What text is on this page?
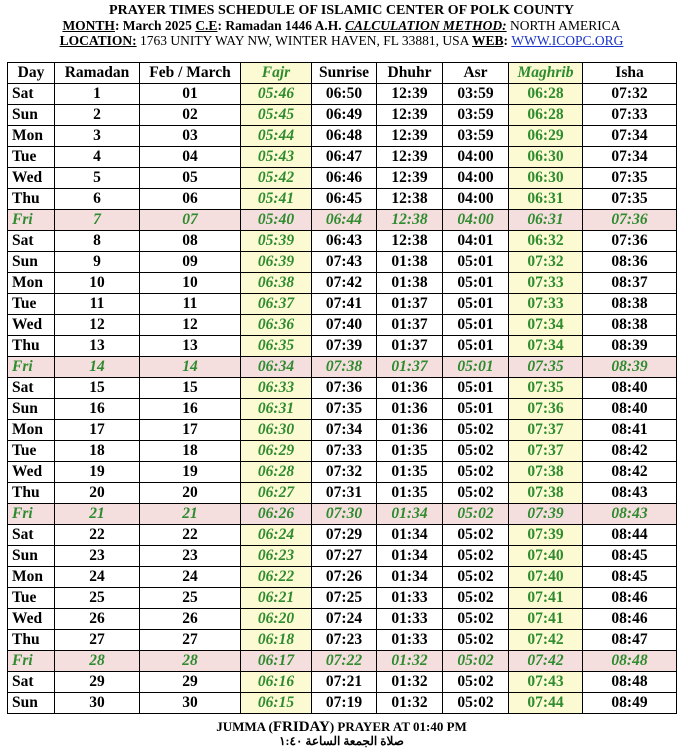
PRAYER TIMES SCHEDULE OF ISLAMIC CENTER OF POLK COUNTY
MONTH: March 2025 C.E: Ramadan 1446 A.H. CALCULATION METHOD: NORTH AMERICA
LOCATION: 1763 UNITY WAY NW, WINTER HAVEN, FL 33881, USA WEB: WWW.ICOPC.ORG
Day	Ramadan	Feb / March	Fajr	Sunrise	Dhuhr	Asr	Maghrib	Isha
Sat	1	01	05:46	06:50	12:39	03:59	06:28	07:32
Sun	2	02	05:45	06:49	12:39	03:59	06:28	07:33
Mon	3	03	05:44	06:48	12:39	03:59	06:29	07:34
Tue	4	04	05:43	06:47	12:39	04:00	06:30	07:34
Wed	5	05	05:42	06:46	12:39	04:00	06:30	07:35
Thu	6	06	05:41	06:45	12:38	04:00	06:31	07:35
Fri	7	07	05:40	06:44	12:38	04:00	06:31	07:36
Sat	8	08	05:39	06:43	12:38	04:01	06:32	07:36
Sun	9	09	06:39	07:43	01:38	05:01	07:32	08:36
Mon	10	10	06:38	07:42	01:38	05:01	07:33	08:37
Tue	11	11	06:37	07:41	01:37	05:01	07:33	08:38
Wed	12	12	06:36	07:40	01:37	05:01	07:34	08:38
Thu	13	13	06:35	07:39	01:37	05:01	07:34	08:39
Fri	14	14	06:34	07:38	01:37	05:01	07:35	08:39
Sat	15	15	06:33	07:36	01:36	05:01	07:35	08:40
Sun	16	16	06:31	07:35	01:36	05:01	07:36	08:40
Mon	17	17	06:30	07:34	01:36	05:02	07:37	08:41
Tue	18	18	06:29	07:33	01:35	05:02	07:37	08:42
Wed	19	19	06:28	07:32	01:35	05:02	07:38	08:42
Thu	20	20	06:27	07:31	01:35	05:02	07:38	08:43
Fri	21	21	06:26	07:30	01:34	05:02	07:39	08:43
Sat	22	22	06:24	07:29	01:34	05:02	07:39	08:44
Sun	23	23	06:23	07:27	01:34	05:02	07:40	08:45
Mon	24	24	06:22	07:26	01:34	05:02	07:40	08:45
Tue	25	25	06:21	07:25	01:33	05:02	07:41	08:46
Wed	26	26	06:20	07:24	01:33	05:02	07:41	08:46
Thu	27	27	06:18	07:23	01:33	05:02	07:42	08:47
Fri	28	28	06:17	07:22	01:32	05:02	07:42	08:48
Sat	29	29	06:16	07:21	01:32	05:02	07:43	08:48
Sun	30	30	06:15	07:19	01:32	05:02	07:44	08:49
JUMMA (FRIDAY) PRAYER AT 01:40 PM
صلاة الجمعة الساعة ١:٤٠
